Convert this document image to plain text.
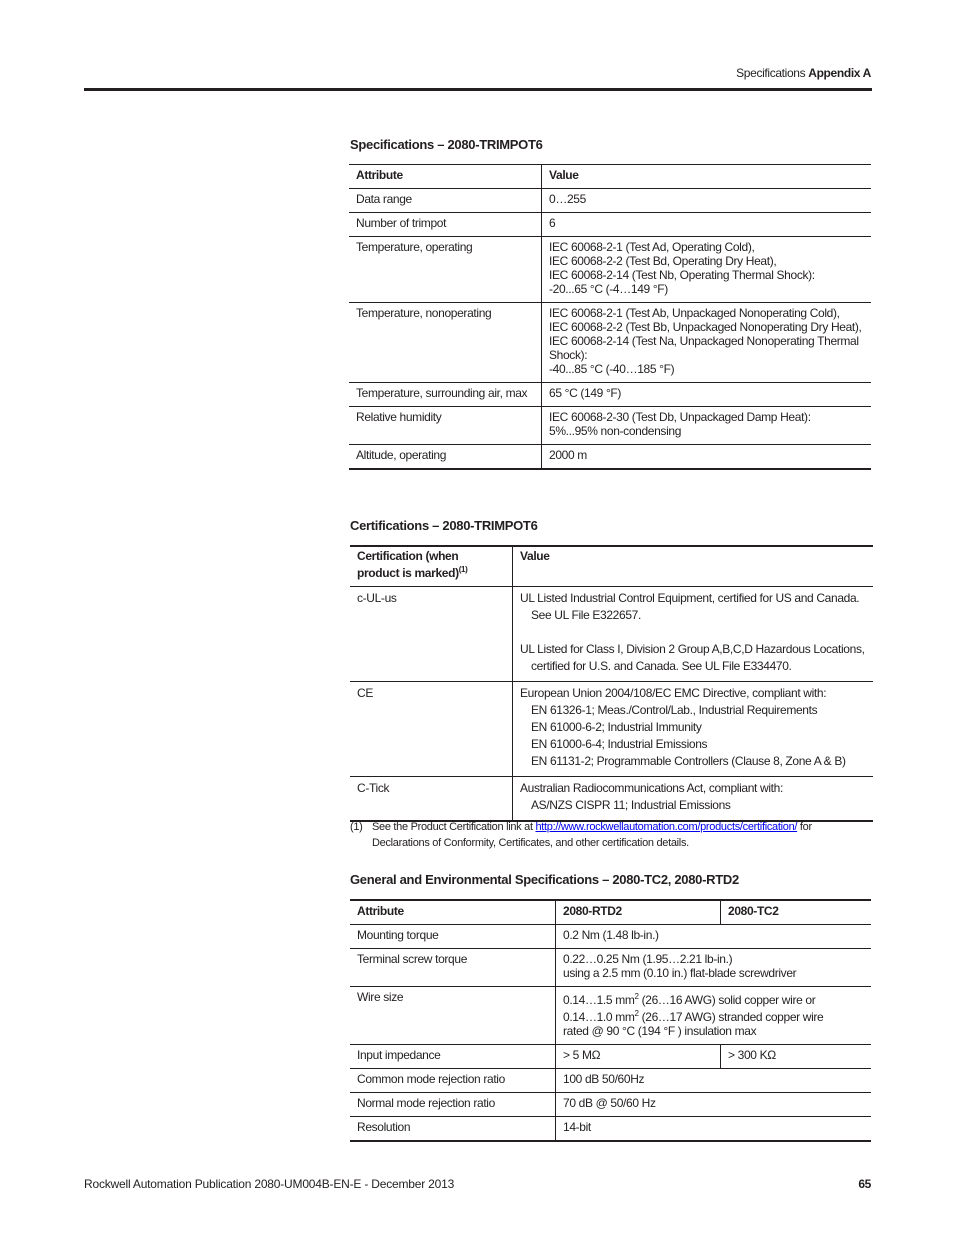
Specifications Appendix A
Specifications – 2080-TRIMPOT6
Attribute	Value
Data range	0…255

Number of trimpot	6

Temperature, operating	IEC 60068-2-1 (Test Ad, Operating Cold),
IEC 60068-2-2 (Test Bd, Operating Dry Heat),
IEC 60068-2-14 (Test Nb, Operating Thermal Shock):
-20...65 °C (-4…149 °F)

Temperature, nonoperating	IEC 60068-2-1 (Test Ab, Unpackaged Nonoperating Cold),
IEC 60068-2-2 (Test Bb, Unpackaged Nonoperating Dry Heat),
IEC 60068-2-14 (Test Na, Unpackaged Nonoperating Thermal
Shock):
-40...85 °C (-40…185 °F)

Temperature, surrounding air, max	65 °C (149 °F)

Relative humidity	IEC 60068-2-30 (Test Db, Unpackaged Damp Heat):
5%...95% non-condensing

Altitude, operating	2000 m
Certifications – 2080-TRIMPOT6
Certification (when
product is marked)$^{(1)}$	Value
c-UL-us	UL Listed Industrial Control Equipment, certified for US and Canada.
See UL File E322657.
UL Listed for Class I, Division 2 Group A,B,C,D Hazardous Locations,
certified for U.S. and Canada. See UL File E334470.

CE	European Union 2004/108/EC EMC Directive, compliant with:
EN 61326-1; Meas./Control/Lab., Industrial Requirements
EN 61000-6-2; Industrial Immunity
EN 61000-6-4; Industrial Emissions
EN 61131-2; Programmable Controllers (Clause 8, Zone A & B)

C-Tick	Australian Radiocommunications Act, compliant with:
AS/NZS CISPR 11; Industrial Emissions
(1) See the Product Certification link at http://www.rockwellautomation.com/products/certification/ for Declarations of Conformity, Certificates, and other certification details.
General and Environmental Specifications – 2080-TC2, 2080-RTD2
Attribute	2080-RTD2	2080-TC2
Mounting torque	0.2 Nm (1.48 lb-in.)	

Terminal screw torque	0.22…0.25 Nm (1.95…2.21 lb-in.)
using a 2.5 mm (0.10 in.) flat-blade screwdriver	

Wire size	0.14…1.5 $mm^2$ (26…16 AWG) solid copper wire or
0.14…1.0 $mm^2$ (26…17 AWG) stranded copper wire
rated @ 90 °C (194 °F ) insulation max	

Input impedance	> 5 MΩ	> 300 KΩ
Common mode rejection ratio	100 dB 50/60Hz	

Normal mode rejection ratio	70 dB @ 50/60 Hz	

Resolution	14-bit	
Rockwell Automation Publication 2080-UM004B-EN-E - December 2013	65
